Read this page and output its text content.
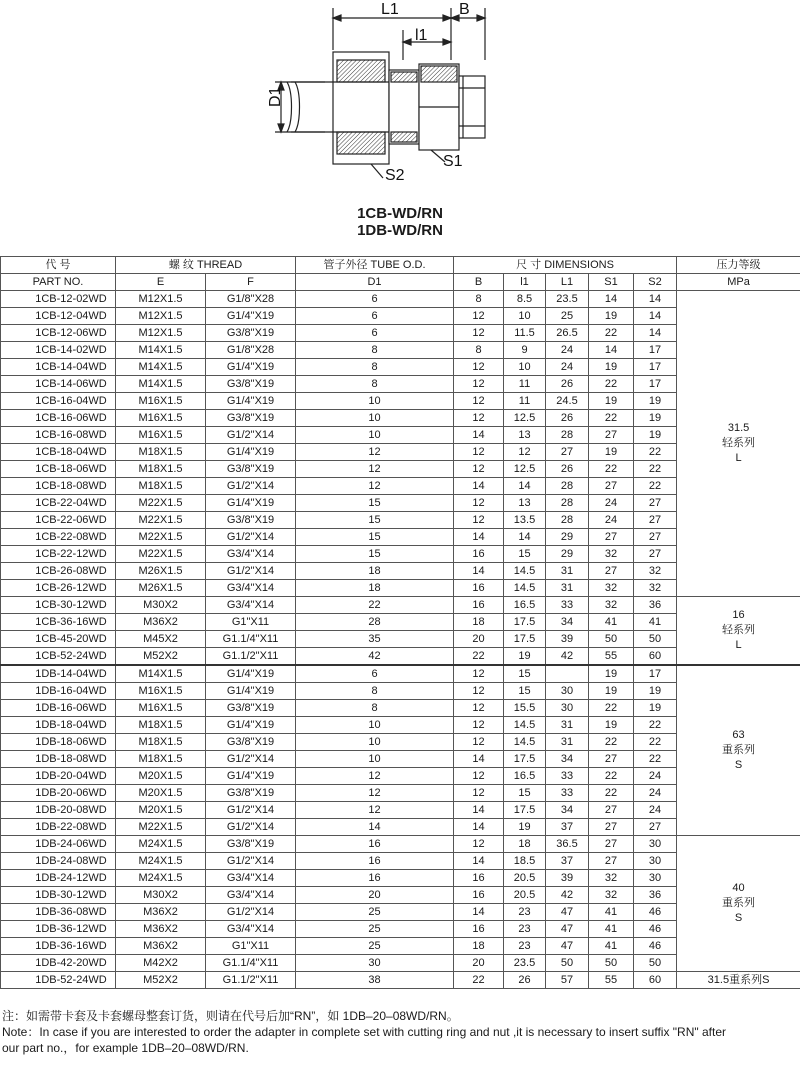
L1	B
l1
D1
S2
S1
1CB-WD/RN
1DB-WD/RN
代 号	螺 纹 THREAD		管子外径 TUBE O.D.	尺 寸 DIMENSIONS					压力等级
PART NO.	E	F	D1	B	l1	L1	S1	S2	MPa
1CB-12-02WD	M12X1.5	G1/8"X28	6	8	8.5	23.5	14	14	31.5
轻系列
L

1CB-12-04WD	M12X1.5	G1/4"X19	6	12	10	25	19	14	
1CB-12-06WD	M12X1.5	G3/8"X19	6	12	11.5	26.5	22	14	
1CB-14-02WD	M14X1.5	G1/8"X28	8	8	9	24	14	17	
1CB-14-04WD	M14X1.5	G1/4"X19	8	12	10	24	19	17	
1CB-14-06WD	M14X1.5	G3/8"X19	8	12	11	26	22	17	
1CB-16-04WD	M16X1.5	G1/4"X19	10	12	11	24.5	19	19	
1CB-16-06WD	M16X1.5	G3/8"X19	10	12	12.5	26	22	19	
1CB-16-08WD	M16X1.5	G1/2"X14	10	14	13	28	27	19	
1CB-18-04WD	M18X1.5	G1/4"X19	12	12	12	27	19	22	
1CB-18-06WD	M18X1.5	G3/8"X19	12	12	12.5	26	22	22	
1CB-18-08WD	M18X1.5	G1/2"X14	12	14	14	28	27	22	
1CB-22-04WD	M22X1.5	G1/4"X19	15	12	13	28	24	27	
1CB-22-06WD	M22X1.5	G3/8"X19	15	12	13.5	28	24	27	
1CB-22-08WD	M22X1.5	G1/2"X14	15	14	14	29	27	27	
1CB-22-12WD	M22X1.5	G3/4"X14	15	16	15	29	32	27	
1CB-26-08WD	M26X1.5	G1/2"X14	18	14	14.5	31	27	32	
1CB-26-12WD	M26X1.5	G3/4"X14	18	16	14.5	31	32	32	
1CB-30-12WD	M30X2	G3/4"X14	22	16	16.5	33	32	36	16
轻系列
L

1CB-36-16WD	M36X2	G1"X11	28	18	17.5	34	41	41	
1CB-45-20WD	M45X2	G1.1/4"X11	35	20	17.5	39	50	50	
1CB-52-24WD	M52X2	G1.1/2"X11	42	22	19	42	55	60	
1DB-14-04WD	M14X1.5	G1/4"X19	6	12	15		19	17	63
重系列
S

1DB-16-04WD	M16X1.5	G1/4"X19	8	12	15	30	19	19	
1DB-16-06WD	M16X1.5	G3/8"X19	8	12	15.5	30	22	19	
1DB-18-04WD	M18X1.5	G1/4"X19	10	12	14.5	31	19	22	
1DB-18-06WD	M18X1.5	G3/8"X19	10	12	14.5	31	22	22	
1DB-18-08WD	M18X1.5	G1/2"X14	10	14	17.5	34	27	22	
1DB-20-04WD	M20X1.5	G1/4"X19	12	12	16.5	33	22	24	
1DB-20-06WD	M20X1.5	G3/8"X19	12	12	15	33	22	24	
1DB-20-08WD	M20X1.5	G1/2"X14	12	14	17.5	34	27	24	
1DB-22-08WD	M22X1.5	G1/2"X14	14	14	19	37	27	27	
1DB-24-06WD	M24X1.5	G3/8"X19	16	12	18	36.5	27	30	40
重系列
S

1DB-24-08WD	M24X1.5	G1/2"X14	16	14	18.5	37	27	30	
1DB-24-12WD	M24X1.5	G3/4"X14	16	16	20.5	39	32	30	
1DB-30-12WD	M30X2	G3/4"X14	20	16	20.5	42	32	36	
1DB-36-08WD	M36X2	G1/2"X14	25	14	23	47	41	46	
1DB-36-12WD	M36X2	G3/4"X14	25	16	23	47	41	46	
1DB-36-16WD	M36X2	G1"X11	25	18	23	47	41	46	
1DB-42-20WD	M42X2	G1.1/4"X11	30	20	23.5	50	50	50	
1DB-52-24WD	M52X2	G1.1/2"X11	38	22	26	57	55	60	31.5重系列S
注：如需带卡套及卡套螺母整套订货，则请在代号后加“RN”，如 1DB–20–08WD/RN。
Note：In case if you are interested to order the adapter in complete set with cutting ring and nut ,it is necessary to insert suffix "RN" after
our part no.，for example 1DB–20–08WD/RN.
